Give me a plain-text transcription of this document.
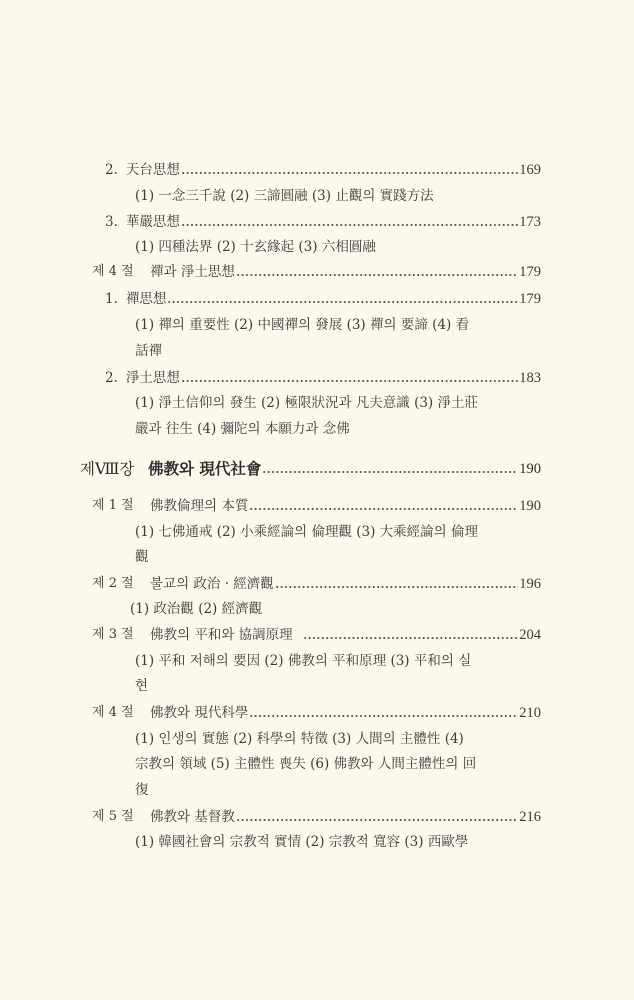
2. 天台思想	169
(1) 一念三千說 (2) 三諦圓融 (3) 止觀의 實踐方法
3. 華嚴思想	173
(1) 四種法界 (2) 十玄緣起 (3) 六相圓融
제 4 절	禪과 淨土思想	179
1. 禪思想	179
(1) 禪의 重要性 (2) 中國禪의 發展 (3) 禪의 要諦 (4) 看
話禪
2. 淨土思想	183
(1) 淨土信仰의 發生 (2) 極限狀況과 凡夫意識 (3) 淨土莊
嚴과 往生 (4) 彌陀의 本願力과 念佛
제Ⅷ장 佛教와 現代社會	190
제 1 절	佛教倫理의 本質	190
(1) 七佛通戒 (2) 小乘經論의 倫理觀 (3) 大乘經論의 倫理
觀
제 2 절	불교의 政治 · 經濟觀	196
(1) 政治觀 (2) 經濟觀
제 3 절	佛教의 平和와 協調原理	204
(1) 平和 저해의 要因 (2) 佛教의 平和原理 (3) 平和의 실
현
제 4 절	佛教와 現代科學	210
(1) 인생의 實態 (2) 科學의 特徵 (3) 人間의 主體性 (4)
宗教의 領域 (5) 主體性 喪失 (6) 佛教와 人間主體性의 回
復
제 5 절	佛教와 基督教	216
(1) 韓國社會의 宗教적 實情 (2) 宗教적 寬容 (3) 西歐學
